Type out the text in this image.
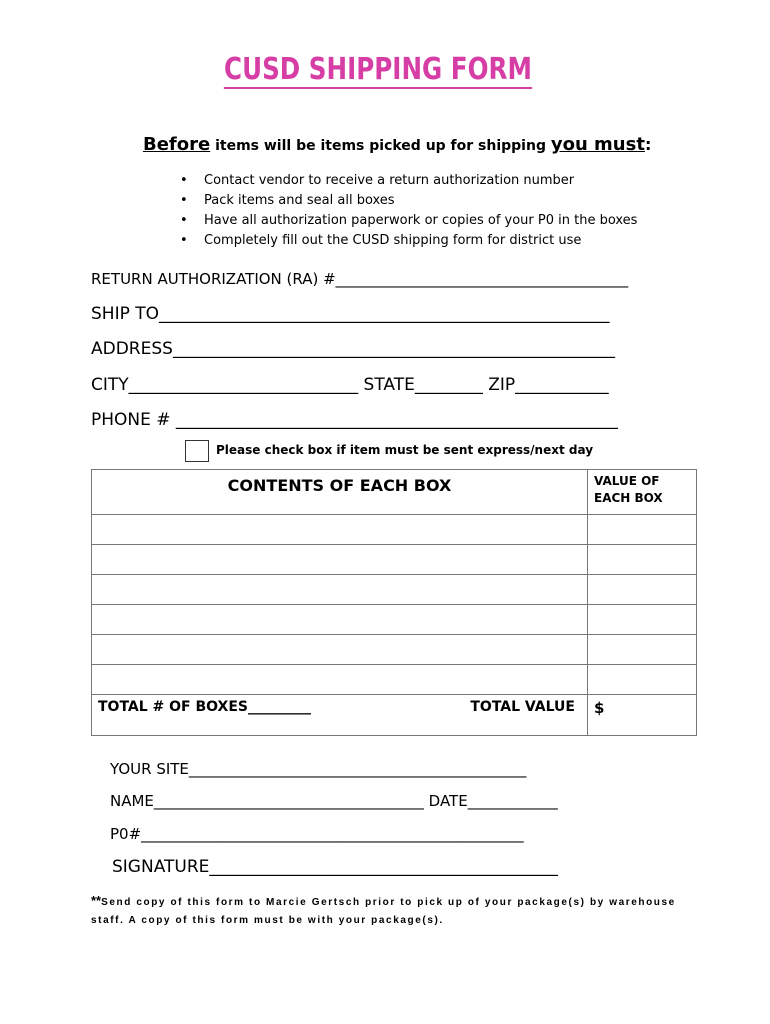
CUSD SHIPPING FORM
Before items will be items picked up for shipping you must:
• Contact vendor to receive a return authorization number
• Pack items and seal all boxes
• Have all authorization paperwork or copies of your P0 in the boxes
• Completely fill out the CUSD shipping form for district use
RETURN AUTHORIZATION (RA) #_______________________________________
SHIP TO_____________________________________________________
ADDRESS____________________________________________________
CITY___________________________ STATE________ ZIP___________
PHONE # ____________________________________________________
Please check box if item must be sent express/next day
CONTENTS OF EACH BOX	VALUE OF
EACH BOX

TOTAL # OF BOXES_________ TOTAL VALUE	$
YOUR SITE_____________________________________________
NAME____________________________________ DATE____________
P0#___________________________________________________
SIGNATURE_________________________________________
**Send copy of this form to Marcie Gertsch prior to pick up of your package(s) by warehouse
staff. A copy of this form must be with your package(s).
